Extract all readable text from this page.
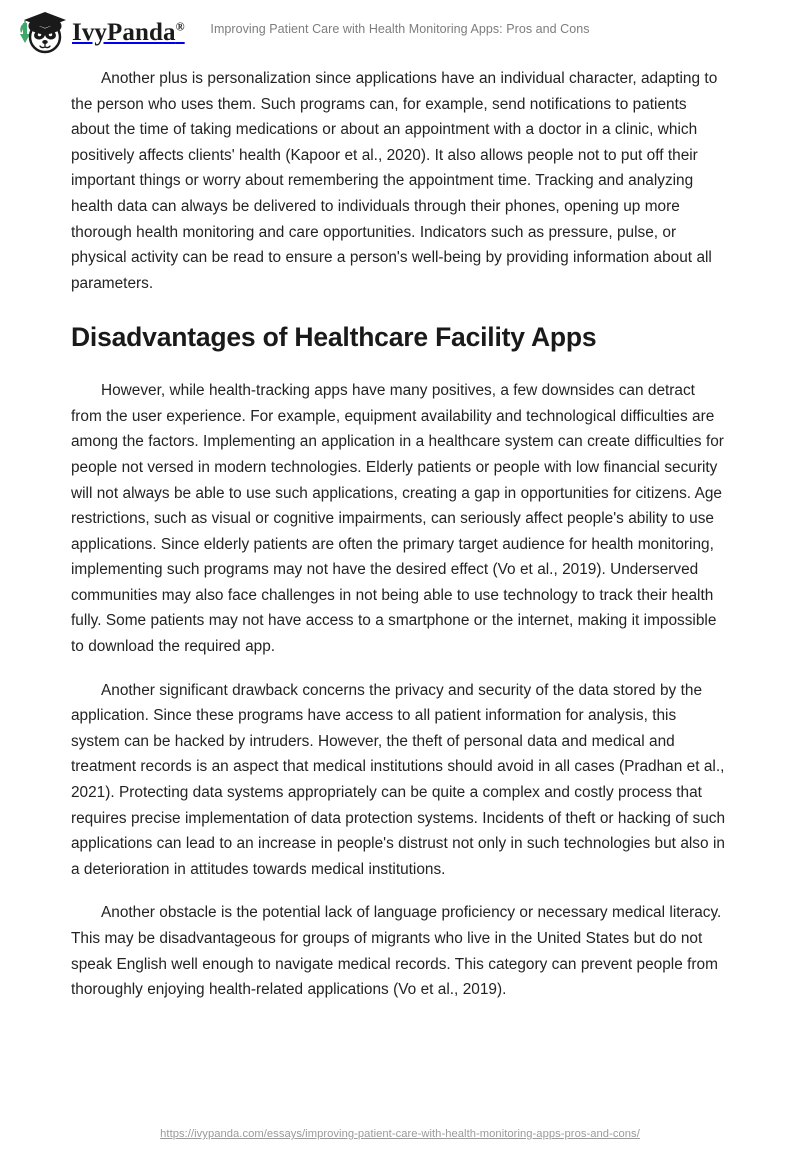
IvyPanda®	Improving Patient Care with Health Monitoring Apps: Pros and Cons

Another plus is personalization since applications have an individual character, adapting to the person who uses them. Such programs can, for example, send notifications to patients about the time of taking medications or about an appointment with a doctor in a clinic, which positively affects clients' health (Kapoor et al., 2020). It also allows people not to put off their important things or worry about remembering the appointment time. Tracking and analyzing health data can always be delivered to individuals through their phones, opening up more thorough health monitoring and care opportunities. Indicators such as pressure, pulse, or physical activity can be read to ensure a person's well-being by providing information about all parameters.

Disadvantages of Healthcare Facility Apps

However, while health-tracking apps have many positives, a few downsides can detract from the user experience. For example, equipment availability and technological difficulties are among the factors. Implementing an application in a healthcare system can create difficulties for people not versed in modern technologies. Elderly patients or people with low financial security will not always be able to use such applications, creating a gap in opportunities for citizens. Age restrictions, such as visual or cognitive impairments, can seriously affect people's ability to use applications. Since elderly patients are often the primary target audience for health monitoring, implementing such programs may not have the desired effect (Vo et al., 2019). Underserved communities may also face challenges in not being able to use technology to track their health fully. Some patients may not have access to a smartphone or the internet, making it impossible to download the required app.

Another significant drawback concerns the privacy and security of the data stored by the application. Since these programs have access to all patient information for analysis, this system can be hacked by intruders. However, the theft of personal data and medical and treatment records is an aspect that medical institutions should avoid in all cases (Pradhan et al., 2021). Protecting data systems appropriately can be quite a complex and costly process that requires precise implementation of data protection systems. Incidents of theft or hacking of such applications can lead to an increase in people's distrust not only in such technologies but also in a deterioration in attitudes towards medical institutions.

Another obstacle is the potential lack of language proficiency or necessary medical literacy. This may be disadvantageous for groups of migrants who live in the United States but do not speak English well enough to navigate medical records. This category can prevent people from thoroughly enjoying health-related applications (Vo et al., 2019).

https://ivypanda.com/essays/improving-patient-care-with-health-monitoring-apps-pros-and-cons/
